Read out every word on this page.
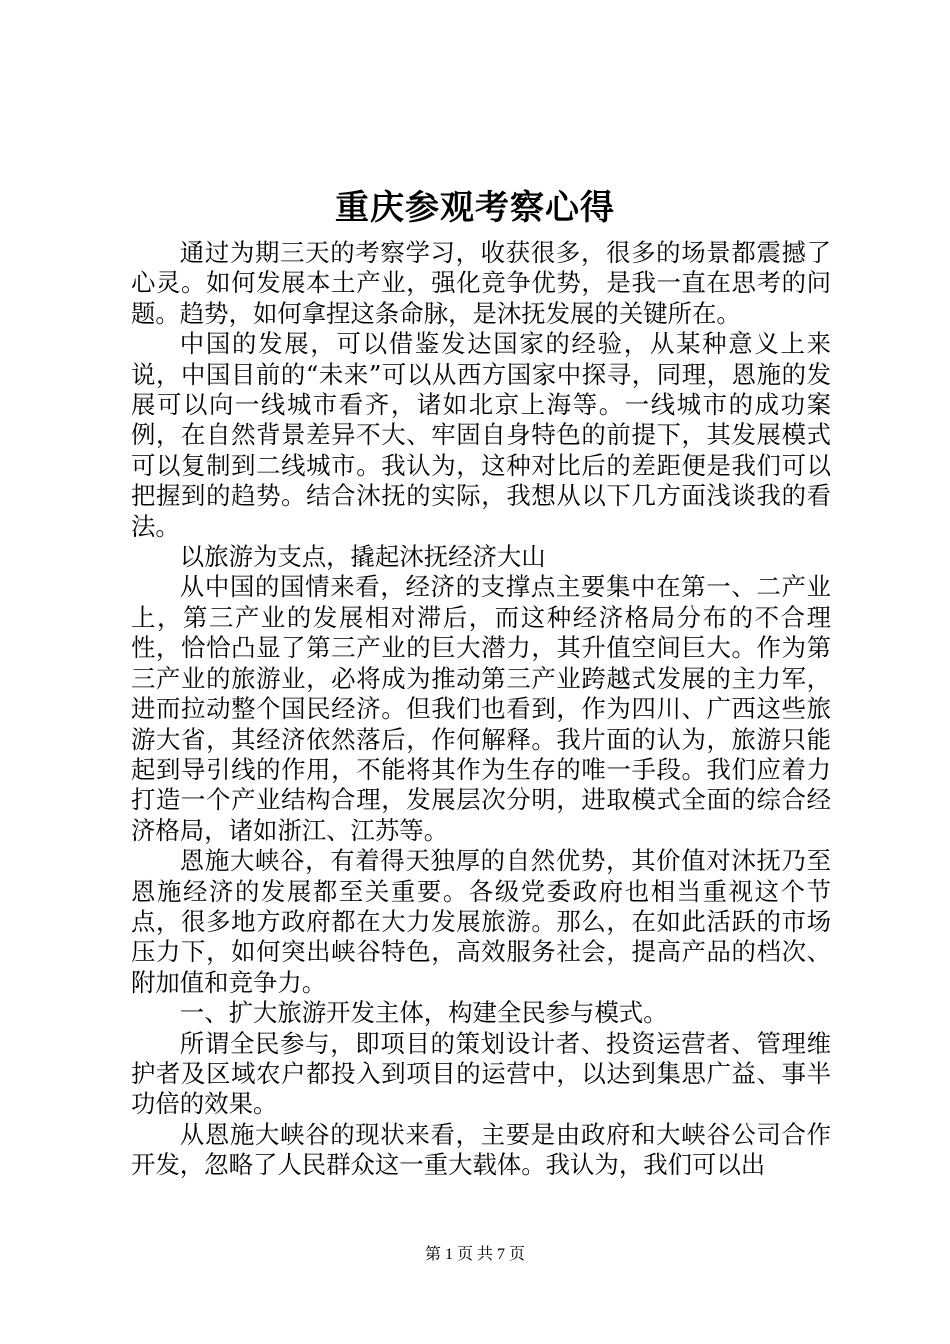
重庆参观考察心得

通过为期三天的考察学习，收获很多，很多的场景都震撼了心灵。如何发展本土产业，强化竞争优势，是我一直在思考的问题。趋势，如何拿捏这条命脉，是沐抚发展的关键所在。

中国的发展，可以借鉴发达国家的经验，从某种意义上来说，中国目前的“未来”可以从西方国家中探寻，同理，恩施的发展可以向一线城市看齐，诸如北京上海等。一线城市的成功案例，在自然背景差异不大、牢固自身特色的前提下，其发展模式可以复制到二线城市。我认为，这种对比后的差距便是我们可以把握到的趋势。结合沐抚的实际，我想从以下几方面浅谈我的看法。

以旅游为支点，撬起沐抚经济大山

从中国的国情来看，经济的支撑点主要集中在第一、二产业上，第三产业的发展相对滞后，而这种经济格局分布的不合理性，恰恰凸显了第三产业的巨大潜力，其升值空间巨大。作为第三产业的旅游业，必将成为推动第三产业跨越式发展的主力军，进而拉动整个国民经济。但我们也看到，作为四川、广西这些旅游大省，其经济依然落后，作何解释。我片面的认为，旅游只能起到导引线的作用，不能将其作为生存的唯一手段。我们应着力打造一个产业结构合理，发展层次分明，进取模式全面的综合经济格局，诸如浙江、江苏等。

恩施大峡谷，有着得天独厚的自然优势，其价值对沐抚乃至恩施经济的发展都至关重要。各级党委政府也相当重视这个节点，很多地方政府都在大力发展旅游。那么，在如此活跃的市场压力下，如何突出峡谷特色，高效服务社会，提高产品的档次、附加值和竞争力。

一、扩大旅游开发主体，构建全民参与模式。

所谓全民参与，即项目的策划设计者、投资运营者、管理维护者及区域农户都投入到项目的运营中，以达到集思广益、事半功倍的效果。

从恩施大峡谷的现状来看，主要是由政府和大峡谷公司合作开发，忽略了人民群众这一重大载体。我认为，我们可以出

第 1 页 共 7 页
